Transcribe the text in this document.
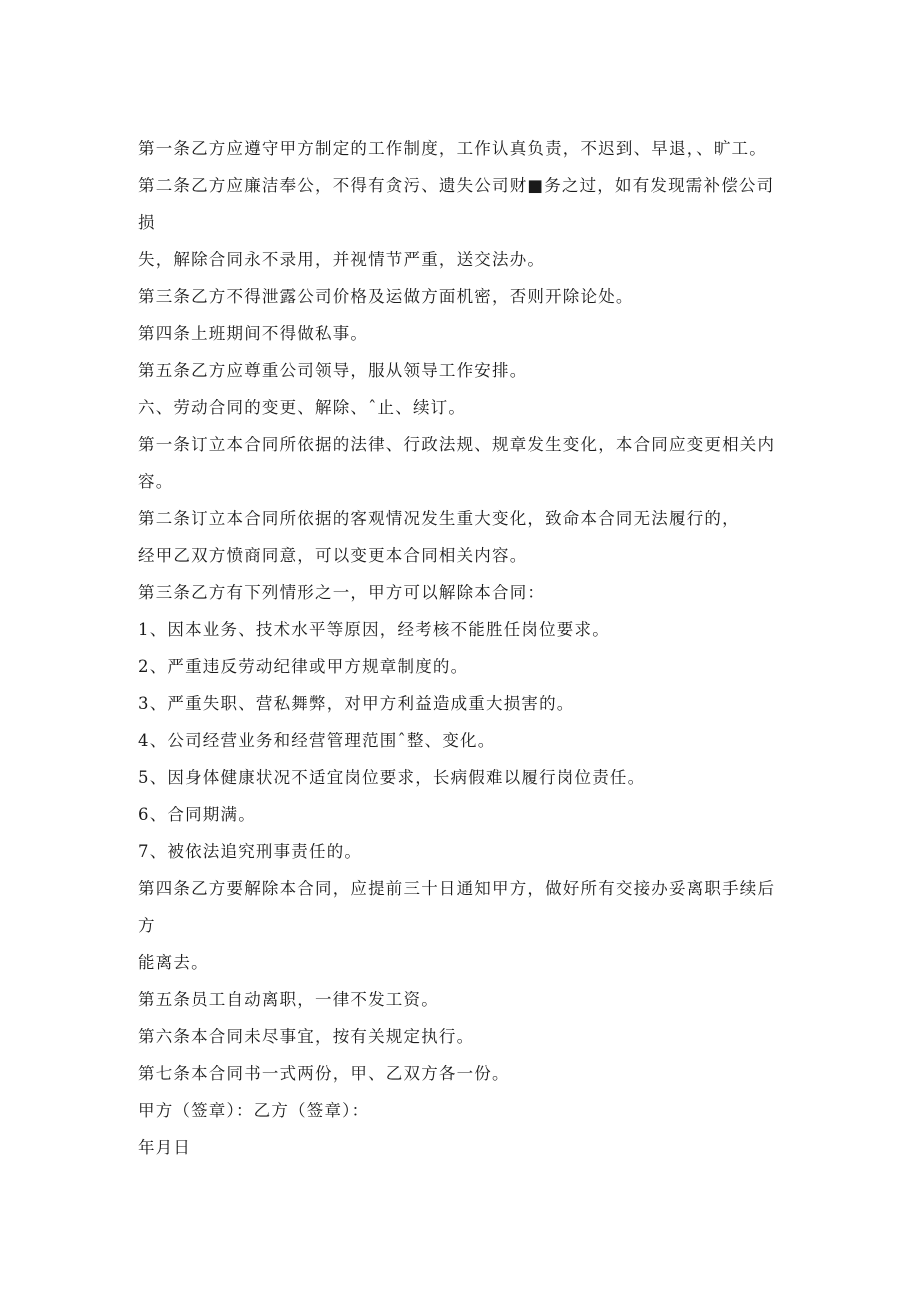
第一条乙方应遵守甲方制定的工作制度，工作认真负责，不迟到、早退，、旷工。

第二条乙方应廉洁奉公，不得有贪污、遗失公司财■务之过，如有发现需补偿公司损

失，解除合同永不录用，并视情节严重，送交法办。

第三条乙方不得泄露公司价格及运做方面机密，否则开除论处。

第四条上班期间不得做私事。

第五条乙方应尊重公司领导，服从领导工作安排。

六、劳动合同的变更、解除、ˆ止、续订。

第一条订立本合同所依据的法律、行政法规、规章发生变化，本合同应变更相关内

容。

第二条订立本合同所依据的客观情况发生重大变化，致命本合同无法履行的，

经甲乙双方愤商同意，可以变更本合同相关内容。

第三条乙方有下列情形之一，甲方可以解除本合同：

1、因本业务、技术水平等原因，经考核不能胜任岗位要求。

2、严重违反劳动纪律或甲方规章制度的。

3、严重失职、营私舞弊，对甲方利益造成重大损害的。

4、公司经营业务和经营管理范围ˆ整、变化。

5、因身体健康状况不适宜岗位要求，长病假难以履行岗位责任。

6、合同期满。

7、被依法追究刑事责任的。

第四条乙方要解除本合同，应提前三十日通知甲方，做好所有交接办妥离职手续后方

能离去。

第五条员工自动离职，一律不发工资。

第六条本合同未尽事宜，按有关规定执行。

第七条本合同书一式两份，甲、乙双方各一份。

甲方（签章）：乙方（签章）：

年月日
